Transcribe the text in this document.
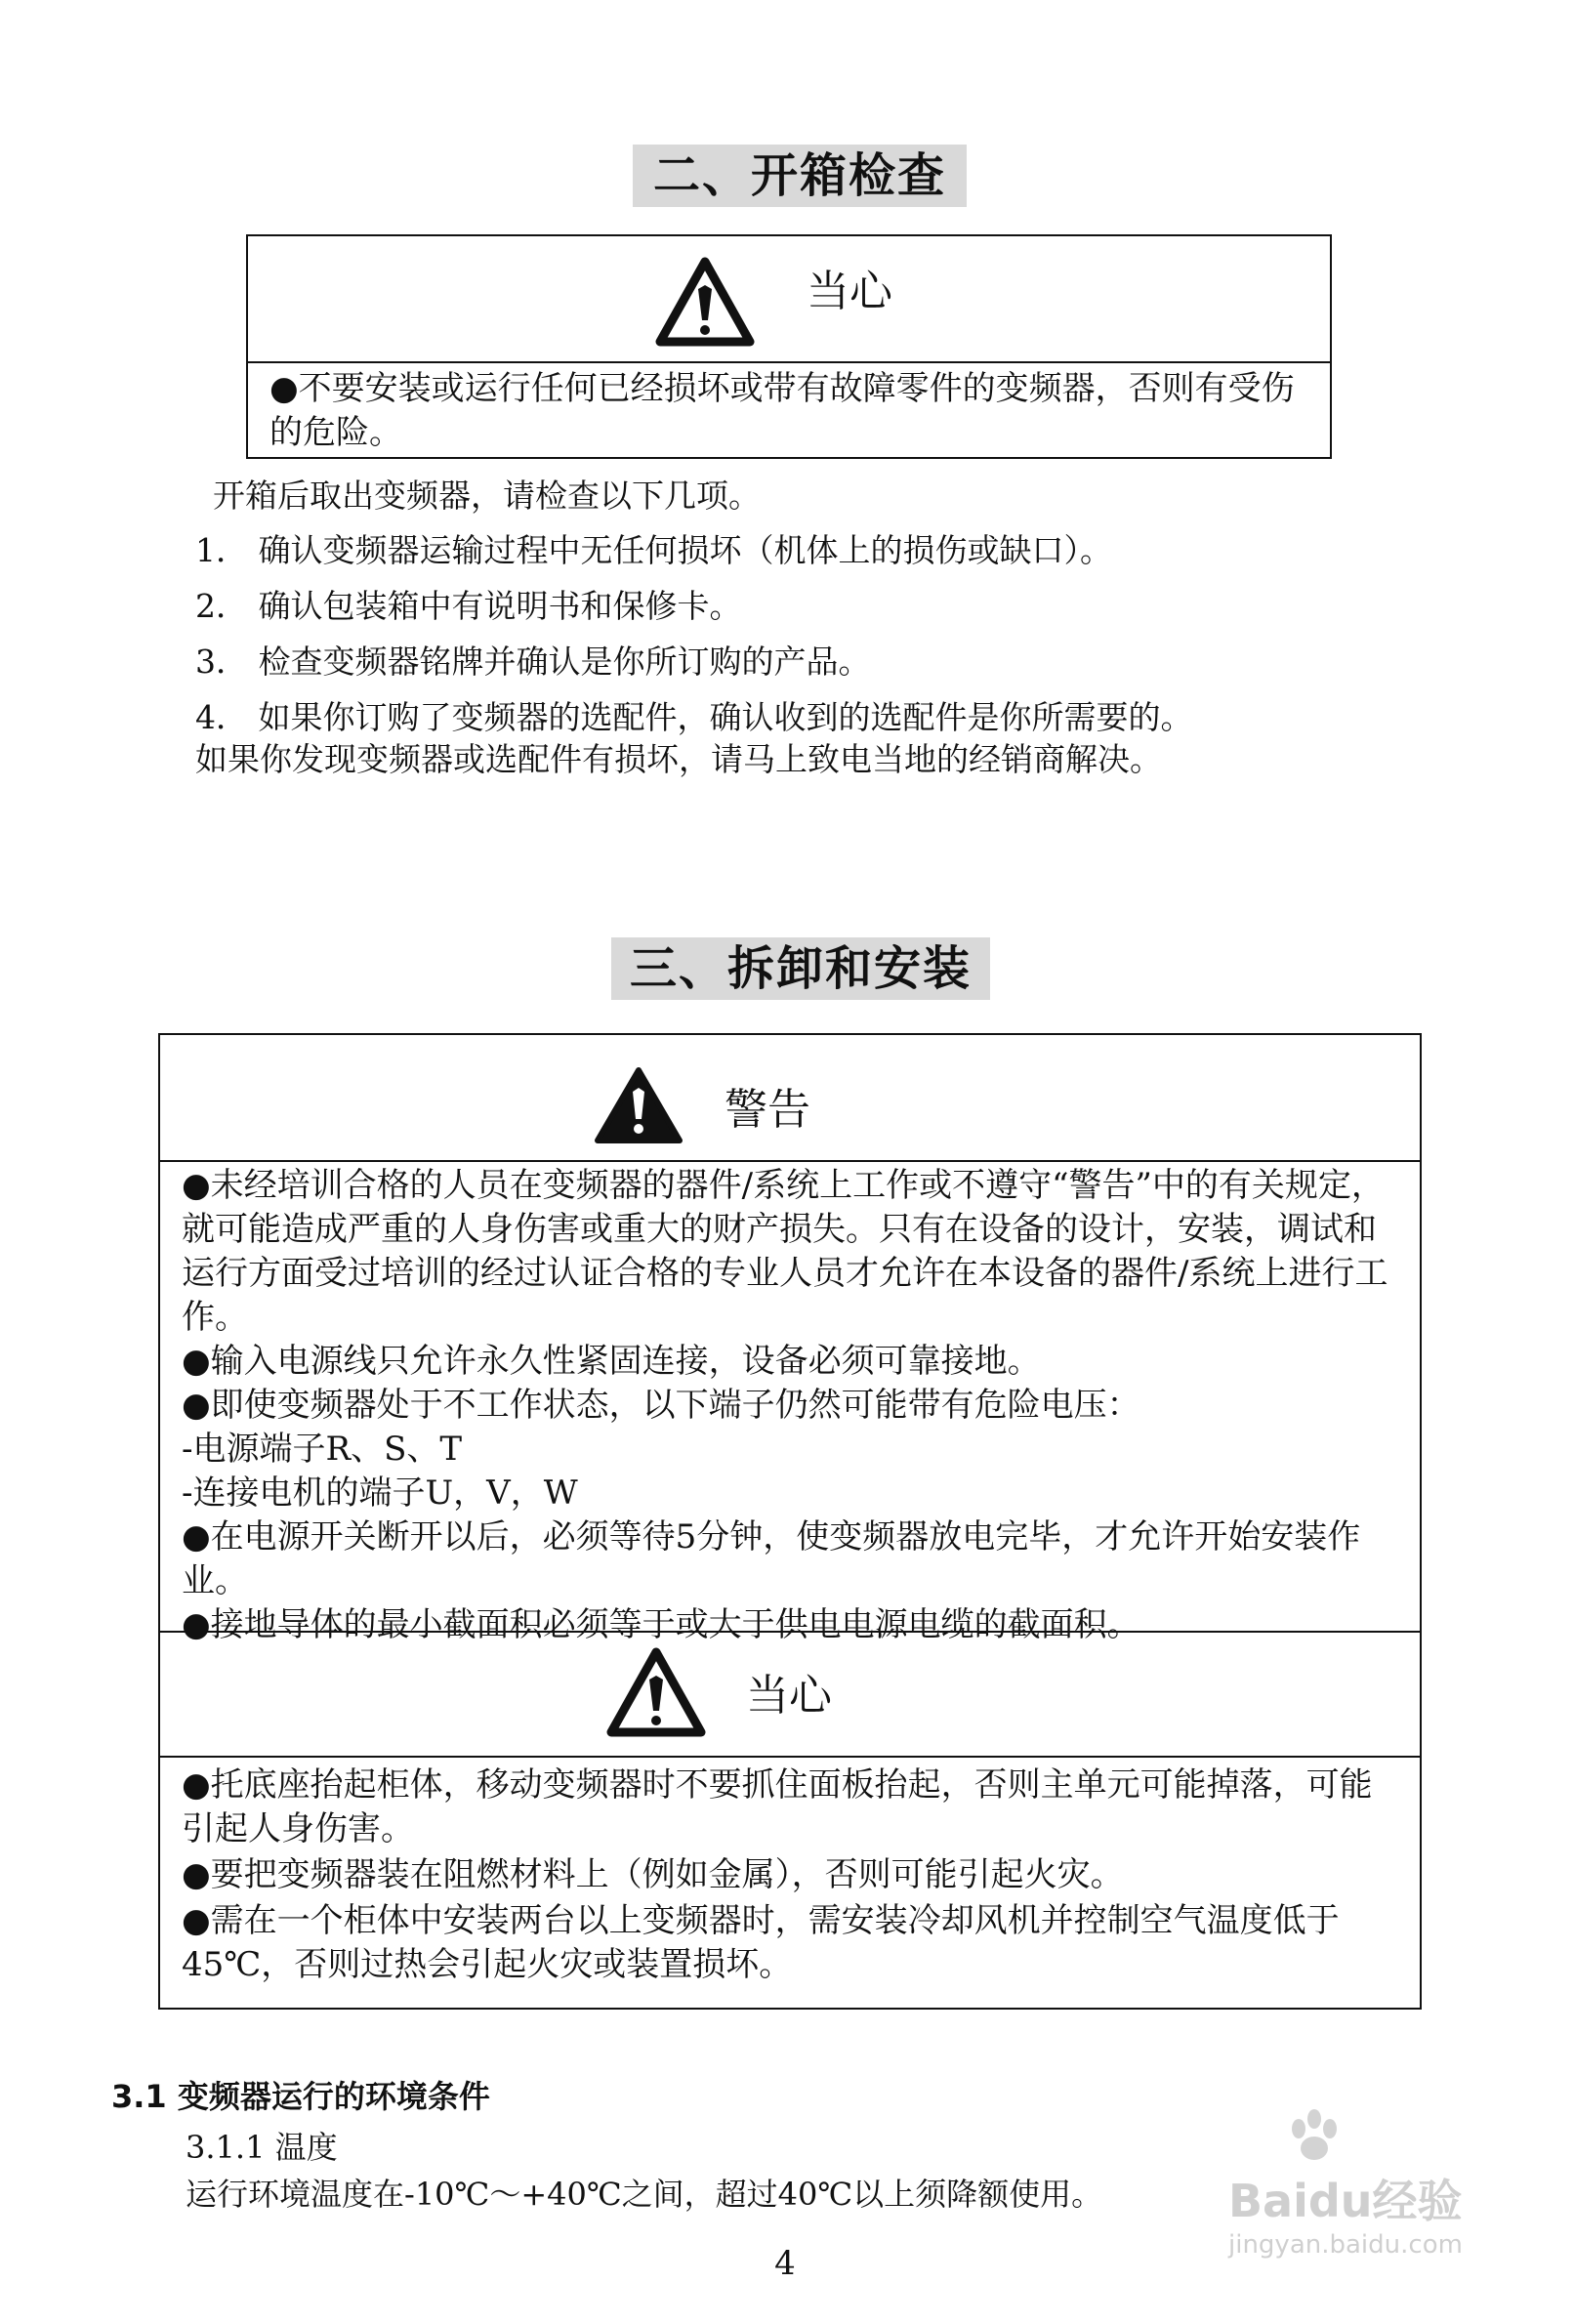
二、开箱检查
当心
●不要安装或运行任何已经损坏或带有故障零件的变频器，否则有受伤的危险。
开箱后取出变频器，请检查以下几项。
1． 确认变频器运输过程中无任何损坏（机体上的损伤或缺口）。
2． 确认包装箱中有说明书和保修卡。
3． 检查变频器铭牌并确认是你所订购的产品。
4． 如果你订购了变频器的选配件，确认收到的选配件是你所需要的。
如果你发现变频器或选配件有损坏，请马上致电当地的经销商解决。
三、拆卸和安装
警告

●未经培训合格的人员在变频器的器件/系统上工作或不遵守“警告”中的有关规定，就可能造成严重的人身伤害或重大的财产损失。只有在设备的设计，安装，调试和运行方面受过培训的经过认证合格的专业人员才允许在本设备的器件/系统上进行工作。

●输入电源线只允许永久性紧固连接，设备必须可靠接地。

●即使变频器处于不工作状态，以下端子仍然可能带有危险电压：

-电源端子R、S、T

-连接电机的端子U，V，W

●在电源开关断开以后，必须等待5分钟，使变频器放电完毕，才允许开始安装作业。

●接地导体的最小截面积必须等于或大于供电电源电缆的截面积。

当心

●托底座抬起柜体，移动变频器时不要抓住面板抬起，否则主单元可能掉落，可能引起人身伤害。

●要把变频器装在阻燃材料上（例如金属），否则可能引起火灾。

●需在一个柜体中安装两台以上变频器时，需安装冷却风机并控制空气温度低于45℃，否则过热会引起火灾或装置损坏。

3.1 变频器运行的环境条件
3.1.1 温度
运行环境温度在-10℃～+40℃之间，超过40℃以上须降额使用。
4
Baidu经验
jingyan.baidu.com
